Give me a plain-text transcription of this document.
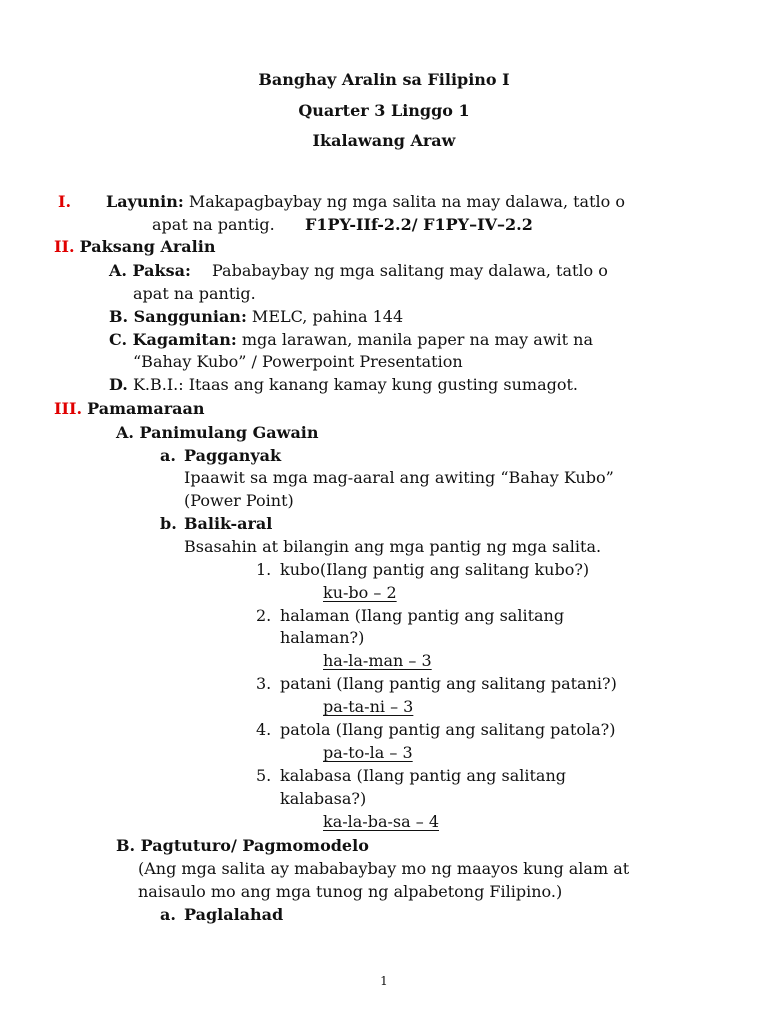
Banghay Aralin sa Filipino I
Quarter 3 Linggo 1
Ikalawang Araw
I. Layunin: Makapagbaybay ng mga salita na may dalawa, tatlo o
apat na pantig. F1PY-IIf-2.2/ F1PY–IV–2.2
II. Paksang Aralin
A. Paksa: Pababaybay ng mga salitang may dalawa, tatlo o
apat na pantig.
B. Sanggunian: MELC, pahina 144
C. Kagamitan: mga larawan, manila paper na may awit na
“Bahay Kubo” / Powerpoint Presentation
D. K.B.I.: Itaas ang kanang kamay kung gusting sumagot.
III. Pamamaraan
A. Panimulang Gawain
a. Pagganyak
Ipaawit sa mga mag-aaral ang awiting “Bahay Kubo”
(Power Point)
b. Balik-aral
Bsasahin at bilangin ang mga pantig ng mga salita.
1. kubo(Ilang pantig ang salitang kubo?)
ku-bo – 2
2. halaman (Ilang pantig ang salitang
halaman?)
ha-la-man – 3
3. patani (Ilang pantig ang salitang patani?)
pa-ta-ni – 3
4. patola (Ilang pantig ang salitang patola?)
pa-to-la – 3
5. kalabasa (Ilang pantig ang salitang
kalabasa?)
ka-la-ba-sa – 4
B. Pagtuturo/ Pagmomodelo
(Ang mga salita ay mababaybay mo ng maayos kung alam at
naisaulo mo ang mga tunog ng alpabetong Filipino.)
a. Paglalahad
1
